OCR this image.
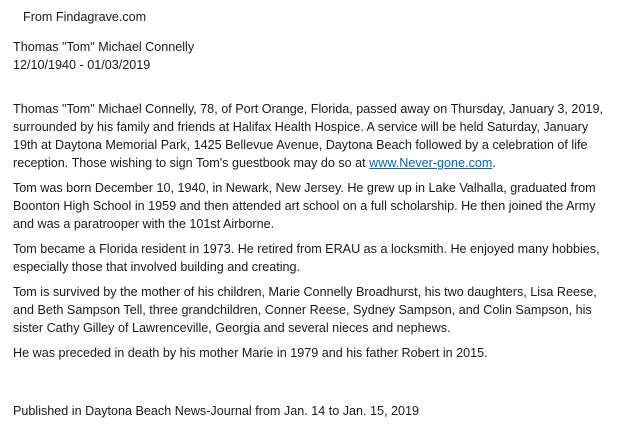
From Findagrave.com
Thomas "Tom" Michael Connelly
12/10/1940 - 01/03/2019

Thomas "Tom" Michael Connelly, 78, of Port Orange, Florida, passed away on Thursday, January 3, 2019, surrounded by his family and friends at Halifax Health Hospice. A service will be held Saturday, January 19th at Daytona Memorial Park, 1425 Bellevue Avenue, Daytona Beach followed by a celebration of life reception. Those wishing to sign Tom's guestbook may do so at www.Never-gone.com.

Tom was born December 10, 1940, in Newark, New Jersey. He grew up in Lake Valhalla, graduated from Boonton High School in 1959 and then attended art school on a full scholarship. He then joined the Army and was a paratrooper with the 101st Airborne.

Tom became a Florida resident in 1973. He retired from ERAU as a locksmith. He enjoyed many hobbies, especially those that involved building and creating.

Tom is survived by the mother of his children, Marie Connelly Broadhurst, his two daughters, Lisa Reese, and Beth Sampson Tell, three grandchildren, Conner Reese, Sydney Sampson, and Colin Sampson, his sister Cathy Gilley of Lawrenceville, Georgia and several nieces and nephews.

He was preceded in death by his mother Marie in 1979 and his father Robert in 2015.

Published in Daytona Beach News-Journal from Jan. 14 to Jan. 15, 2019
